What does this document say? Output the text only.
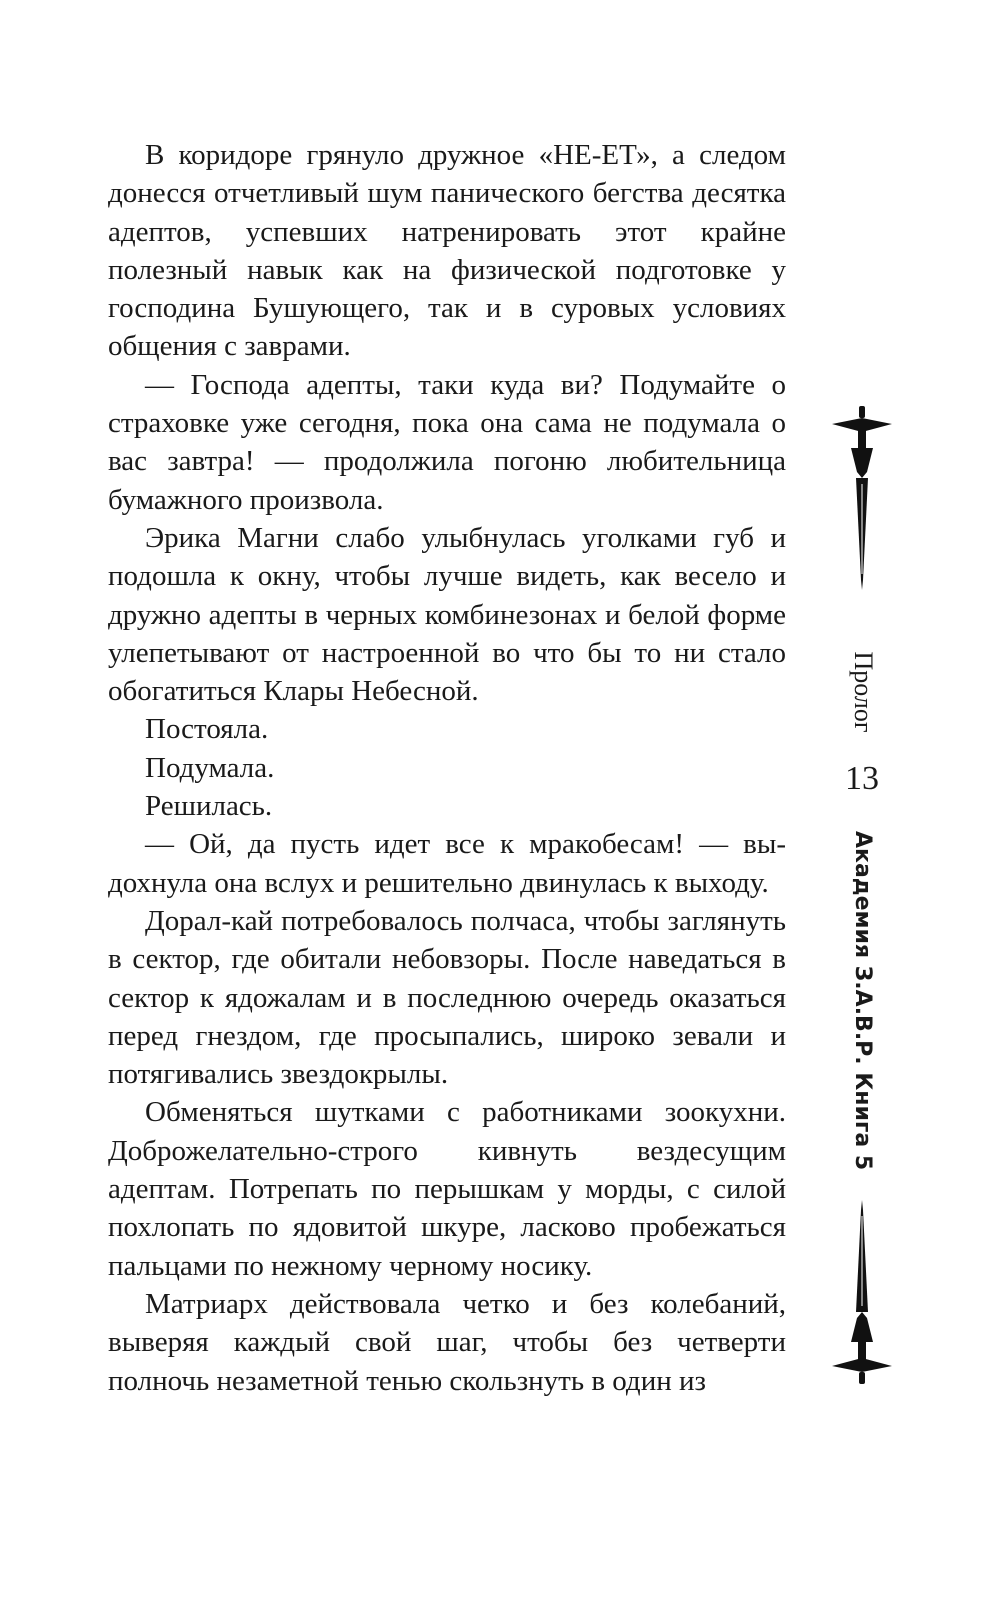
В коридоре грянуло дружное «НЕ-ЕТ», а следом донесся отчетливый шум панического бегства десятка адептов, успевших натренировать этот крайне полезный навык как на физической подготовке у господина Бушующего, так и в суровых условиях общения с заврами.

— Господа адепты, таки куда ви? Подумайте о страховке уже сегодня, пока она сама не подумала о вас завтра! — продолжила погоню любительница бумажного произвола.

Эрика Магни слабо улыбнулась уголками губ и подошла к окну, чтобы лучше видеть, как весело и дружно адепты в черных комбинезонах и белой форме улепетывают от настроенной во что бы то ни стало обогатиться Клары Небесной.

Постояла.

Подумала.

Решилась.

— Ой, да пусть идет все к мракобесам! — выдохнула она вслух и решительно двинулась к выходу.

Дорал-кай потребовалось полчаса, чтобы заглянуть в сектор, где обитали небовзоры. После наведаться в сектор к ядожалам и в последнюю очередь оказаться перед гнездом, где просыпались, широко зевали и потягивались звездокрылы.

Обменяться шутками с работниками зоокухни. Доброжелательно-строго кивнуть вездесущим адептам. Потрепать по перышкам у морды, с силой похлопать по ядовитой шкуре, ласково пробежаться пальцами по нежному черному носику.

Матриарх действовала четко и без колебаний, выверяя каждый свой шаг, чтобы без четверти полночь незаметной тенью скользнуть в один из

Пролог
13
Академия З.А.В.Р. Книга 5
